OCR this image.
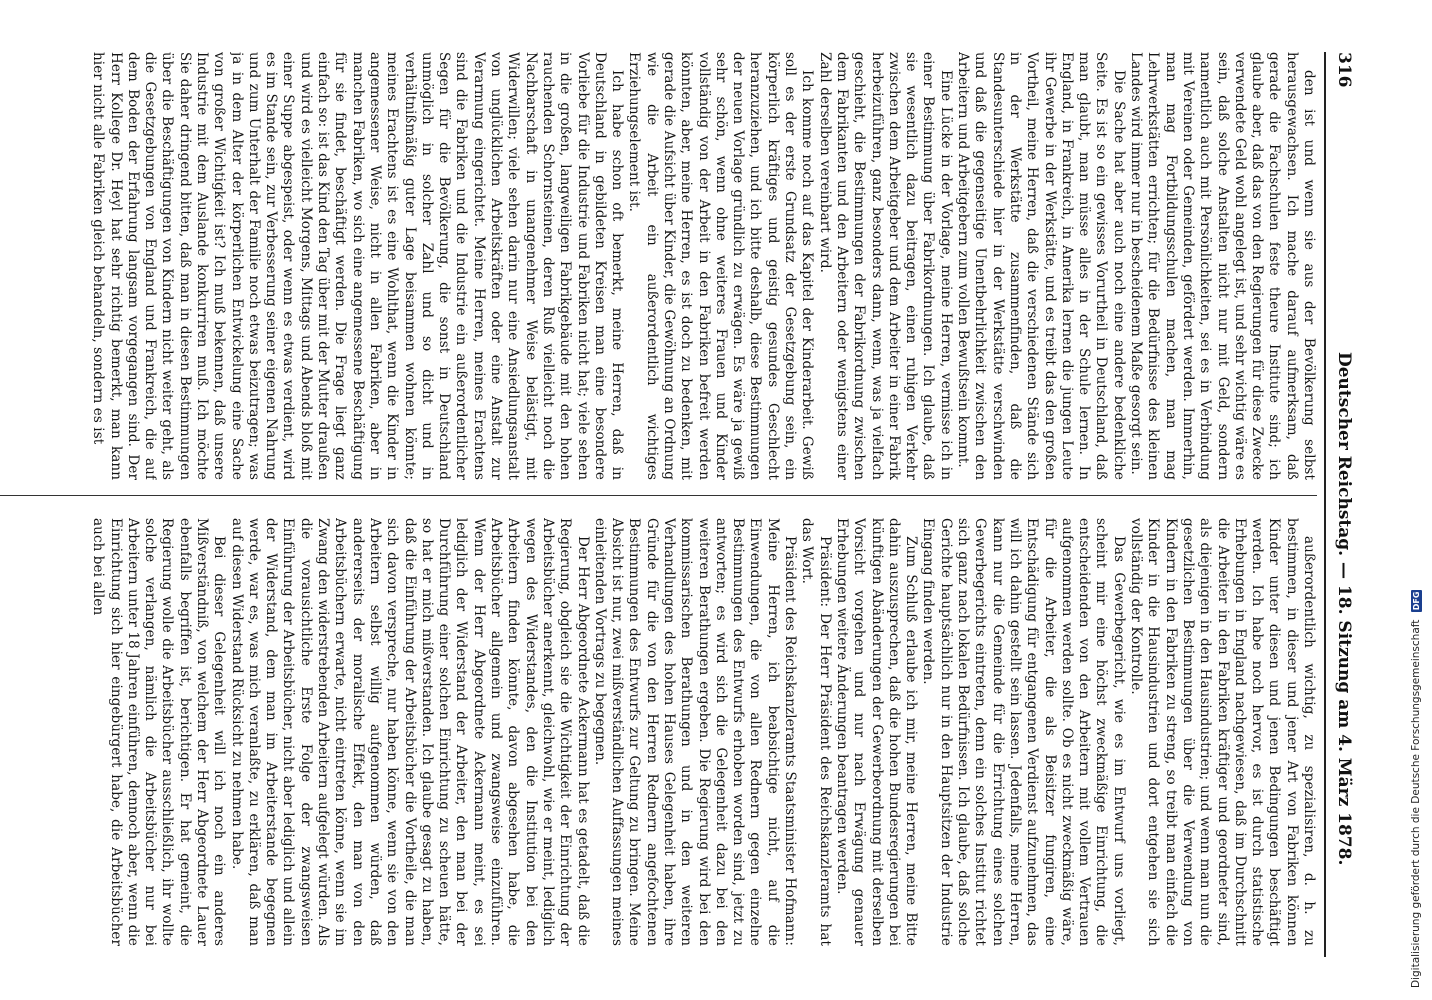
316
Deutscher Reichstag. — 18. Sitzung am 4. März 1878.

den ist und wenn sie aus der Bevölkerung selbst herausgewachsen. Ich mache darauf aufmerksam, daß gerade die Fachschulen feste theure Institute sind; ich glaube aber, daß das von den Regierungen für diese Zwecke verwendete Geld wohl angelegt ist, und sehr wichtig wäre es sein, daß solche Anstalten nicht nur mit Geld, sondern namentlich auch mit Persönlichkeiten, sei es in Verbindung mit Vereinen oder Gemeinden, gefördert werden. Immerhin, man mag Fortbildungsschulen machen, man mag Lehrwerkstätten errichten; für die Bedürfnisse des kleinen Landes wird immer nur in bescheidenem Maße gesorgt sein.

Die Sache hat aber auch noch eine andere bedenkliche Seite. Es ist so ein gewisses Vorurtheil in Deutschland, daß man glaubt, man müsse alles in der Schule lernen. In England, in Frankreich, in Amerika lernen die jungen Leute ihr Gewerbe in der Werkstätte, und es treibt das den großen Vortheil, meine Herren, daß die verschiedenen Stände sich in der Werkstätte zusammenfinden, daß die Standesunterschiede hier in der Werkstätte verschwinden und daß die gegenseitige Unentbehrlichkeit zwischen den Arbeitern und Arbeitgebern zum vollen Bewußtsein kommt.

Eine Lücke in der Vorlage, meine Herren, vermisse ich in einer Bestimmung über Fabrikordnungen. Ich glaube, daß sie wesentlich dazu beitragen, einen ruhigen Verkehr zwischen dem Arbeitgeber und dem Arbeiter in einer Fabrik herbeizuführen, ganz besonders dann, wenn, was ja vielfach geschieht, die Bestimmungen der Fabrikordnung zwischen dem Fabrikanten und den Arbeitern oder wenigstens einer Zahl derselben vereinbart wird.

Ich komme noch auf das Kapitel der Kinderarbeit. Gewiß soll es der erste Grundsatz der Gesetzgebung sein, ein körperlich kräftiges und geistig gesundes Geschlecht heranzuziehen, und ich bitte deshalb, diese Bestimmungen der neuen Vorlage gründlich zu erwägen. Es wäre ja gewiß sehr schön, wenn ohne weiteres Frauen und Kinder vollständig von der Arbeit in den Fabriken befreit werden könnten, aber, meine Herren, es ist doch zu bedenken, mit gerade die Aufsicht über Kinder, die Gewöhnung an Ordnung wie die Arbeit ein außerordentlich wichtiges Erziehungselement ist.

Ich habe schon oft bemerkt, meine Herren, daß in Deutschland in gebildeten Kreisen man eine besondere Vorliebe für die Industrie und Fabriken nicht hat; viele sehen in die großen, langweiligen Fabrikgebäude mit den hohen rauchenden Schornsteinen, deren Ruß vielleicht noch die Nachbarschaft in unangenehmer Weise belästigt, mit Widerwillen; viele sehen darin nur eine Ansiedlungsanstalt von unglücklichen Arbeitskräften oder eine Anstalt zur Verarmung eingerichtet. Meine Herren, meines Erachtens sind die Fabriken und die Industrie ein außerordentlicher Segen für die Bevölkerung, die sonst in Deutschland unmöglich in solcher Zahl und so dicht und in verhältnißmäßig guter Lage beisammen wohnen könnte; meines Erachtens ist es eine Wohlthat, wenn die Kinder in angemessener Weise, nicht in allen Fabriken, aber in manchen Fabriken, wo sich eine angemessene Beschäftigung für sie findet, beschäftigt werden. Die Frage liegt ganz einfach so: ist das Kind den Tag über mit der Mutter draußen und wird es vielleicht Morgens, Mittags und Abends bloß mit einer Suppe abgespeist, oder wenn es etwas verdient, wird es im Stande sein, zur Verbesserung seiner eigenen Nahrung und zum Unterhalt der Familie noch etwas beizutragen; was ja in dem Alter der körperlichen Entwickelung eine Sache von großer Wichtigkeit ist? Ich muß bekennen, daß unsere Industrie mit dem Auslande konkurriren muß. Ich möchte Sie daher dringend bitten, daß man in diesen Bestimmungen über die Beschäftigungen von Kindern nicht weiter geht, als die Gesetzgebungen von England und Frankreich, die auf dem Boden der Erfahrung langsam vorgegangen sind. Der Herr Kollege Dr. Heyl hat sehr richtig bemerkt, man kann hier nicht alle Fabriken gleich behandeln, sondern es ist

außerordentlich wichtig, zu spezialisiren, d. h. zu bestimmen, in dieser und jener Art von Fabriken können Kinder unter diesen und jenen Bedingungen beschäftigt werden. Ich habe noch hervor, es ist durch statistische Erhebungen in England nachgewiesen, daß im Durchschnitt die Arbeiter in den Fabriken kräftiger und geordneter sind, als diejenigen in den Hausindustrien; und wenn man nun die gesetzlichen Bestimmungen über die Verwendung von Kindern in den Fabriken zu streng, so treibt man einfach die Kinder in die Hausindustrien und dort entgehen sie sich vollständig der Kontrolle.

Das Gewerbegericht, wie es im Entwurf uns vorliegt, scheint mir eine höchst zweckmäßige Einrichtung, die entscheidenden von den Arbeitern mit vollem Vertrauen aufgenommen werden sollte. Ob es nicht zweckmäßig wäre, für die Arbeiter, die als Beisitzer fungiren, eine Entschädigung für entgangenen Verdienst aufzunehmen, das will ich dahin gestellt sein lassen. Jedenfalls, meine Herren, kann nur die Gemeinde für die Errichtung eines solchen Gewerbegerichts eintreten, denn ein solches Institut richtet sich ganz nach lokalen Bedürfnissen. Ich glaube, daß solche Gerichte hauptsächlich nur in den Hauptsitzen der Industrie Eingang finden werden.

Zum Schluß erlaube ich mir, meine Herren, meine Bitte dahin auszusprechen, daß die hohen Bundesregierungen bei künftigen Abänderungen der Gewerbeordnung mit derselben Vorsicht vorgehen und nur nach Erwägung genauer Erhebungen weitere Änderungen beantragen werden.

Präsident: Der Herr Präsident des Reichskanzleramts hat das Wort.

Präsident des Reichskanzleramts Staatsminister Hofmann: Meine Herren, ich beabsichtige nicht, auf die Einwendungen, die von allen Rednern gegen einzelne Bestimmungen des Entwurfs erhoben worden sind, jetzt zu antworten; es wird sich die Gelegenheit dazu bei den weiteren Berathungen ergeben. Die Regierung wird bei den kommissarischen Berathungen und in den weiteren Verhandlungen des hohen Hauses Gelegenheit haben, ihre Gründe für die von den Herren Rednern angefochtenen Bestimmungen des Entwurfs zur Geltung zu bringen. Meine Absicht ist nur, zwei mißverständlichen Auffassungen meines einleitenden Vortrags zu begegnen.

Der Herr Abgeordnete Ackermann hat es getadelt, daß die Regierung, obgleich sie die Wichtigkeit der Einrichtung der Arbeitsbücher anerkennt, gleichwohl, wie er meint, lediglich wegen des Widerstandes, den die Institution bei den Arbeitern finden könnte, davon abgesehen habe, die Arbeitsbücher allgemein und zwangsweise einzuführen. Wenn der Herr Abgeordnete Ackermann meint, es sei lediglich der Widerstand der Arbeiter, den man bei der Durchführung einer solchen Einrichtung zu scheuen hätte, so hat er mich mißverstanden. Ich glaube gesagt zu haben, daß die Einführung der Arbeitsbücher die Vortheile, die man sich davon verspreche, nur haben könne, wenn sie von den Arbeitern selbst willig aufgenommen würden, daß andererseits der moralische Effekt, den man von den Arbeitsbüchern erwarte, nicht eintreten könne, wenn sie im Zwang den widerstrebenden Arbeitern aufgelegt würden. Als die vorausichtliche Erste Folge der zwangsweisen Einführung der Arbeitsbücher, nicht aber lediglich und allein der Widerstand, dem man im Arbeiterstande begegnen werde, war es, was mich veranlaßte, zu erklären, daß man auf diesen Widerstand Rücksicht zu nehmen habe.

Bei dieser Gelegenheit will ich noch ein anderes Mißverständniß, von welchem der Herr Abgeordnete Lauer ebenfalls begriffen ist, berichtigen. Er hat gemeint, die Regierung wolle die Arbeitsbücher ausschließlich, ihr wollte solche verlangen, nämlich die Arbeitsbücher nur bei Arbeitern unter 18 Jahren einführen, dennoch aber, wenn die Einrichtung sich hier eingebürgert habe, die Arbeitsbücher auch bei allen

Digitalisierung gefördert durch die Deutsche Forschungsgemeinschaft DFG
